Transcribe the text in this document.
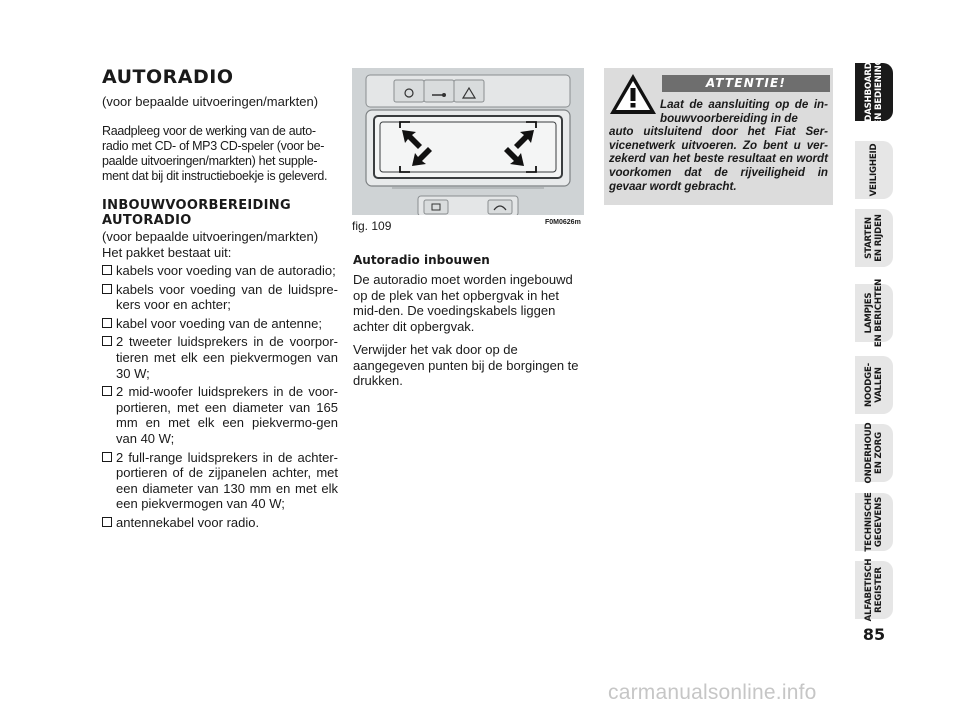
AUTORADIO

(voor bepaalde uitvoeringen/markten)

Raadpleeg voor de werking van de auto-radio met CD- of MP3 CD-speler (voor be-paalde uitvoeringen/markten) het supple-ment dat bij dit instructieboekje is geleverd.

INBOUWVOORBEREIDING AUTORADIO

(voor bepaalde uitvoeringen/markten)

Het pakket bestaat uit:

kabels voor voeding van de autoradio;
kabels voor voeding van de luidspre-kers voor en achter;
kabel voor voeding van de antenne;
2 tweeter luidsprekers in de voorpor-tieren met elk een piekvermogen van 30 W;
2 mid-woofer luidsprekers in de voor-portieren, met een diameter van 165 mm en met elk een piekvermo-gen van 40 W;
2 full-range luidsprekers in de achter-portieren of de zijpanelen achter, met een diameter van 130 mm en met elk een piekvermogen van 40 W;
antennekabel voor radio.
fig. 109	F0M0626m
Autoradio inbouwen

De autoradio moet worden ingebouwd op de plek van het opbergvak in het mid-den. De voedingskabels liggen achter dit opbergvak.

Verwijder het vak door op de aangegeven punten bij de borgingen te drukken.

ATTENTIE!
Laat de aansluiting op de in-bouwvoorbereiding in de
auto uitsluitend door het Fiat Ser-vicenetwerk uitvoeren. Zo bent u ver-zekerd van het beste resultaat en wordt voorkomen dat de rijveiligheid in gevaar wordt gebracht.
DASHBOARD
EN BEDIENING
VEILIGHEID
STARTEN
EN RIJDEN
LAMPJES
EN BERICHTEN
NOODGE-
VALLEN
ONDERHOUD
EN ZORG
TECHNISCHE
GEGEVENS
ALFABETISCH
REGISTER
85
carmanualsonline.info
